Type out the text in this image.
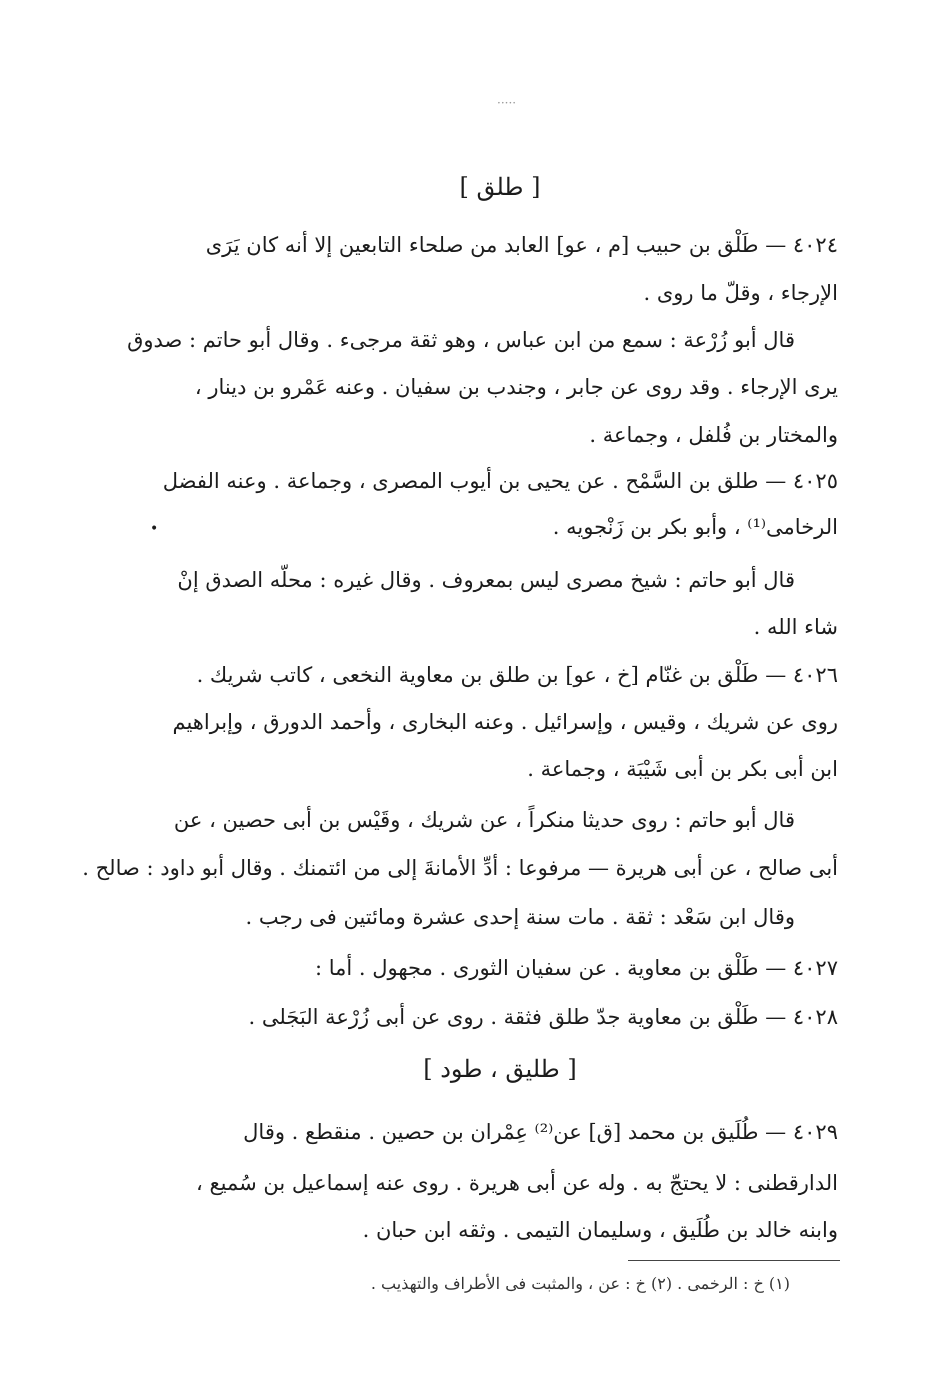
·····
[ طلق ]
٤٠٢٤ — طَلْق بن حبيب [م ، عو] العابد من صلحاء التابعين إلا أنه كان يَرَى
الإرجاء ، وقلّ ما روى .
قال أبو زُرْعة : سمع من ابن عباس ، وهو ثقة مرجىء . وقال أبو حاتم : صدوق
يرى الإرجاء . وقد روى عن جابر ، وجندب بن سفيان . وعنه عَمْرو بن دينار ،
والمختار بن فُلفل ، وجماعة .
٤٠٢٥ — طلق بن السَّمْح . عن يحيى بن أيوب المصرى ، وجماعة . وعنه الفضل
الرخامى⁽¹⁾ ، وأبو بكر بن زَنْجويه .
قال أبو حاتم : شيخ مصرى ليس بمعروف . وقال غيره : محلّه الصدق إنْ
شاء الله .
٤٠٢٦ — طَلْق بن غنّام [خ ، عو] بن طلق بن معاوية النخعى ، كاتب شريك .
روى عن شريك ، وقيس ، وإسرائيل . وعنه البخارى ، وأحمد الدورق ، وإبراهيم
ابن أبى بكر بن أبى شَيْبَة ، وجماعة .
قال أبو حاتم : روى حديثا منكراً ، عن شريك ، وقَيْس بن أبى حصين ، عن
أبى صالح ، عن أبى هريرة — مرفوعا : أدِّ الأمانةَ إلى من ائتمنك . وقال أبو داود : صالح .
وقال ابن سَعْد : ثقة . مات سنة إحدى عشرة ومائتين فى رجب .
٤٠٢٧ — طَلْق بن معاوية . عن سفيان الثورى . مجهول . أما :
٤٠٢٨ — طَلْق بن معاوية جدّ طلق فثقة . روى عن أبى زُرْعة البَجَلى .
[ طليق ، طود ]
٤٠٢٩ — طُلَيق بن محمد [ق] عن⁽²⁾ عِمْران بن حصين . منقطع . وقال
الدارقطنى : لا يحتجّ به . وله عن أبى هريرة . روى عنه إسماعيل بن سُميع ،
وابنه خالد بن طُلَيق ، وسليمان التيمى . وثقه ابن حبان .
(١) خ : الرخمى . (٢) خ : عن ، والمثبت فى الأطراف والتهذيب .
•
